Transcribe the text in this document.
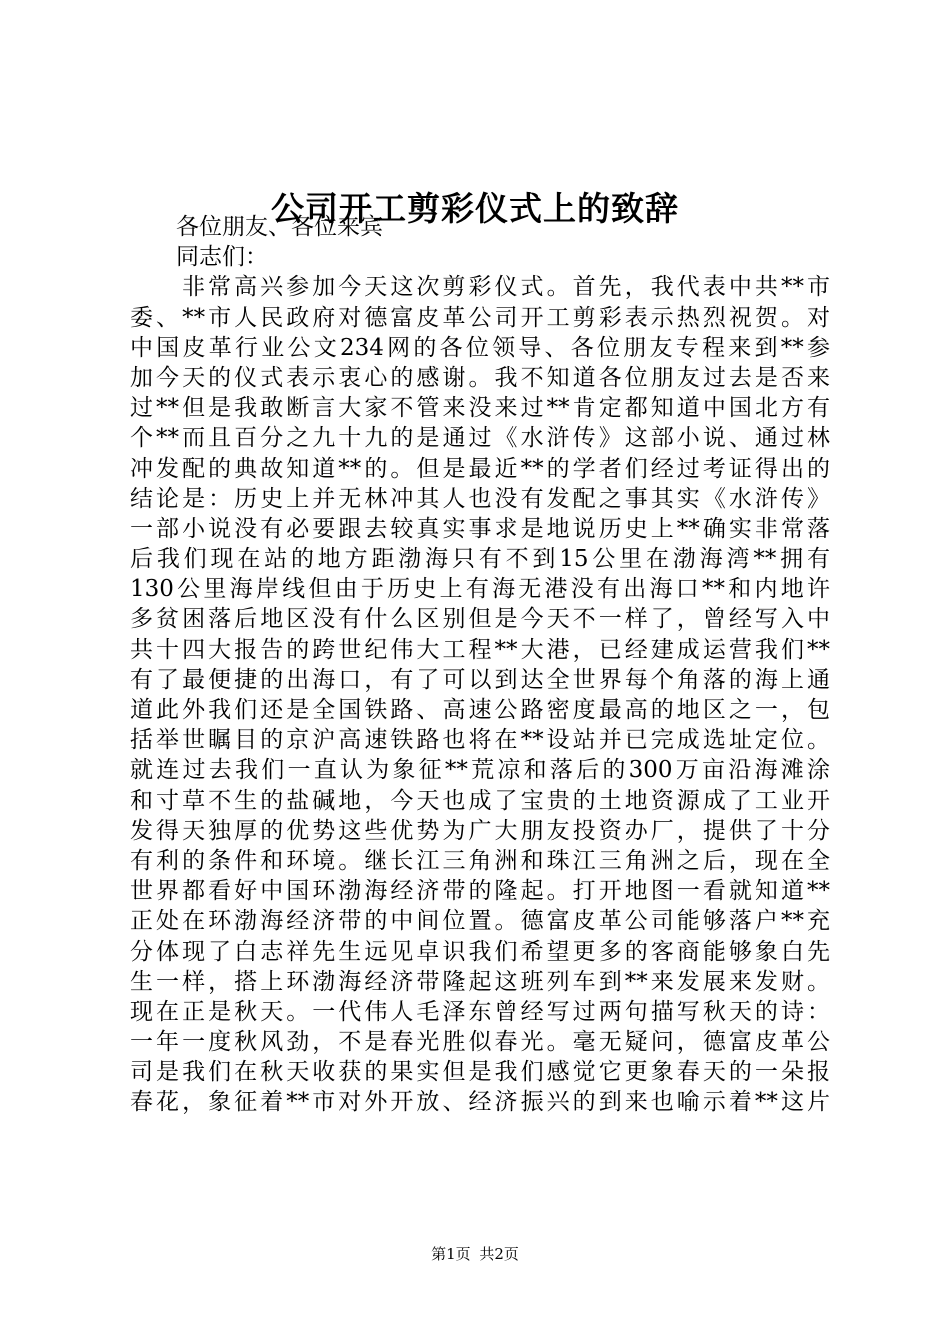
公司开工剪彩仪式上的致辞
各位朋友、各位来宾
同志们：
非常高兴参加今天这次剪彩仪式。首先，我代表中共**市
委、**市人民政府对德富皮革公司开工剪彩表示热烈祝贺。对
中国皮革行业公文234网的各位领导、各位朋友专程来到**参
加今天的仪式表示衷心的感谢。我不知道各位朋友过去是否来
过**但是我敢断言大家不管来没来过**肯定都知道中国北方有
个**而且百分之九十九的是通过《水浒传》这部小说、通过林
冲发配的典故知道**的。但是最近**的学者们经过考证得出的
结论是：历史上并无林冲其人也没有发配之事其实《水浒传》
一部小说没有必要跟去较真实事求是地说历史上**确实非常落
后我们现在站的地方距渤海只有不到15公里在渤海湾**拥有
130公里海岸线但由于历史上有海无港没有出海口**和内地许
多贫困落后地区没有什么区别但是今天不一样了，曾经写入中
共十四大报告的跨世纪伟大工程**大港，已经建成运营我们**
有了最便捷的出海口，有了可以到达全世界每个角落的海上通
道此外我们还是全国铁路、高速公路密度最高的地区之一，包
括举世瞩目的京沪高速铁路也将在**设站并已完成选址定位。
就连过去我们一直认为象征**荒凉和落后的300万亩沿海滩涂
和寸草不生的盐碱地，今天也成了宝贵的土地资源成了工业开
发得天独厚的优势这些优势为广大朋友投资办厂，提供了十分
有利的条件和环境。继长江三角洲和珠江三角洲之后，现在全
世界都看好中国环渤海经济带的隆起。打开地图一看就知道**
正处在环渤海经济带的中间位置。德富皮革公司能够落户**充
分体现了白志祥先生远见卓识我们希望更多的客商能够象白先
生一样，搭上环渤海经济带隆起这班列车到**来发展来发财。
现在正是秋天。一代伟人毛泽东曾经写过两句描写秋天的诗：
一年一度秋风劲，不是春光胜似春光。毫无疑问，德富皮革公
司是我们在秋天收获的果实但是我们感觉它更象春天的一朵报
春花，象征着**市对外开放、经济振兴的到来也喻示着**这片
第1页 共2页
